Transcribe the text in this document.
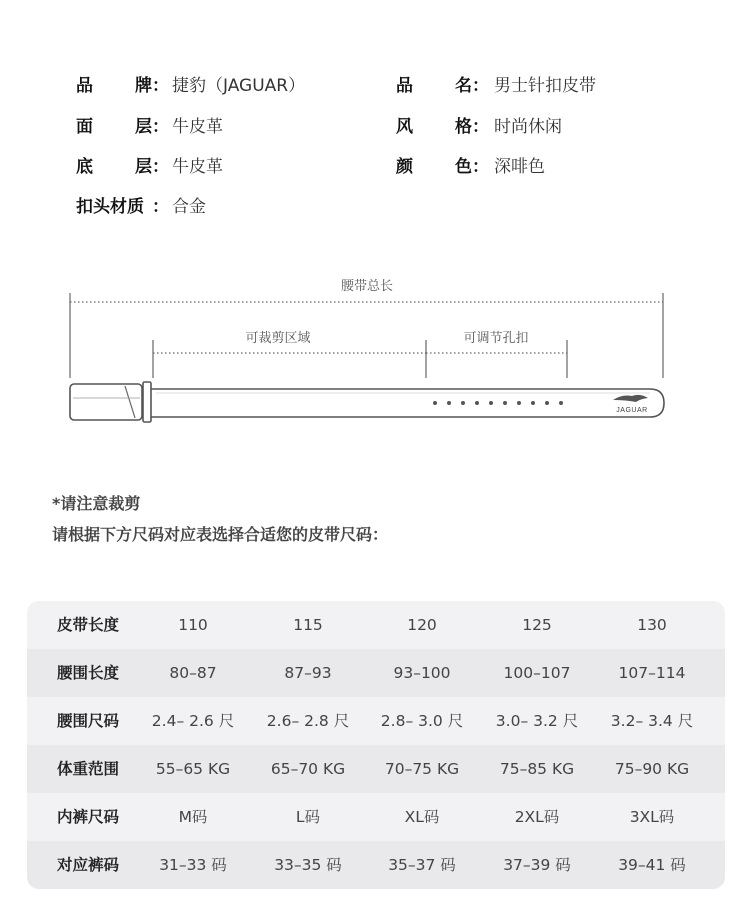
品 牌 ： 捷豹（JAGUAR）	品 名 ： 男士针扣皮带
面 层 ： 牛皮革	风 格 ： 时尚休闲
底 层 ： 牛皮革	颜 色 ： 深啡色
扣头材质 ： 合金
腰带总长
可裁剪区域	可调节孔扣
JAGUAR
*请注意裁剪
请根据下方尺码对应表选择合适您的皮带尺码：
皮带长度	110	115	120	125	130
腰围长度	80–87	87–93	93–100	100–107	107–114
腰围尺码	2.4– 2.6 尺	2.6– 2.8 尺	2.8– 3.0 尺	3.0– 3.2 尺	3.2– 3.4 尺
体重范围	55–65 KG	65–70 KG	70–75 KG	75–85 KG	75–90 KG
内裤尺码	M码	L码	XL码	2XL码	3XL码
对应裤码	31–33 码	33–35 码	35–37 码	37–39 码	39–41 码
